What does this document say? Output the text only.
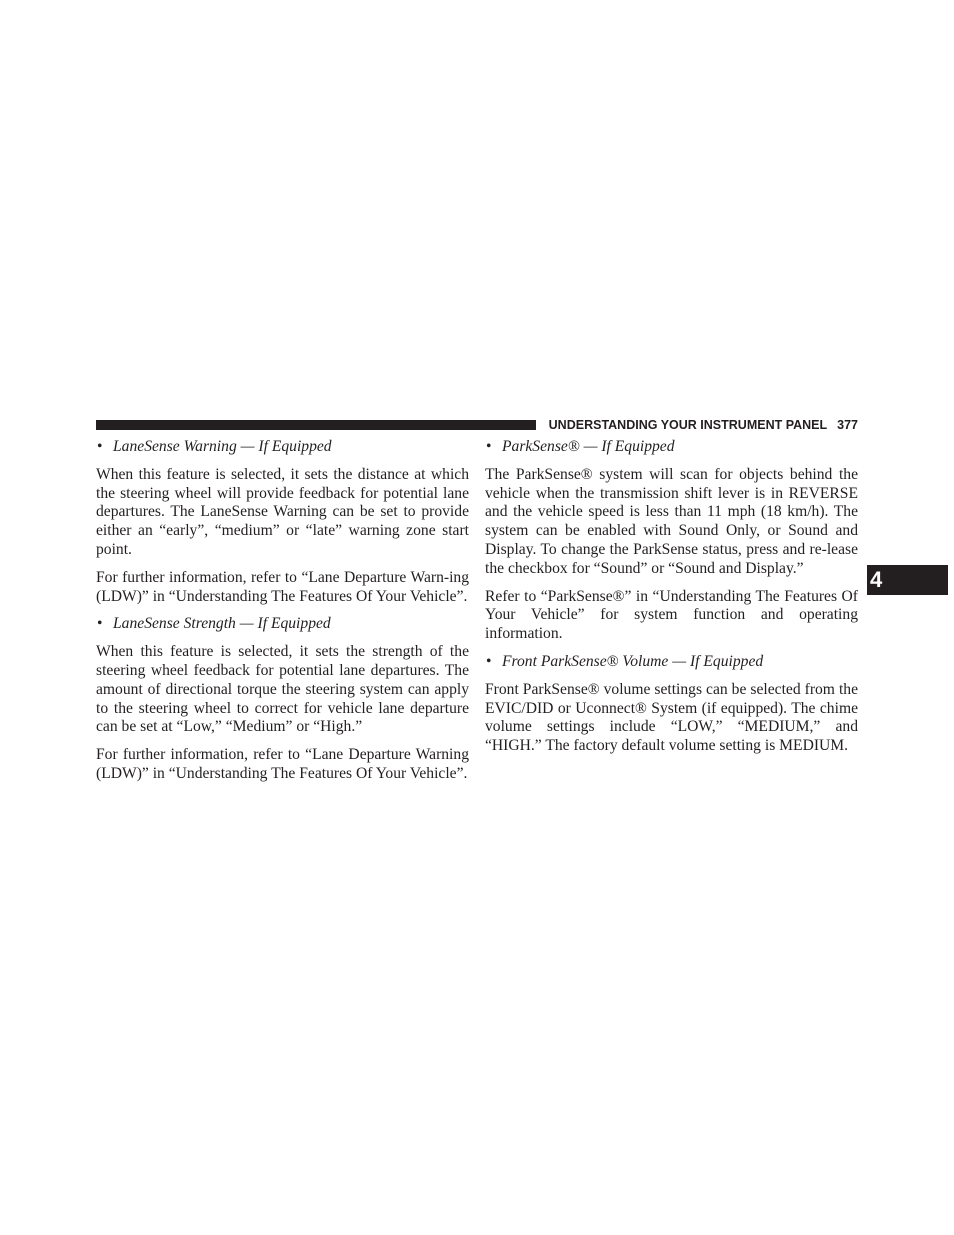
UNDERSTANDING YOUR INSTRUMENT PANEL 377
4
• LaneSense Warning — If Equipped

When this feature is selected, it sets the distance at which the steering wheel will provide feedback for potential lane departures. The LaneSense Warning can be set to provide either an “early”, “medium” or “late” warning zone start point.

For further information, refer to “Lane Departure Warn-ing (LDW)” in “Understanding The Features Of Your Vehicle”.

• LaneSense Strength — If Equipped

When this feature is selected, it sets the strength of the steering wheel feedback for potential lane departures. The amount of directional torque the steering system can apply to the steering wheel to correct for vehicle lane departure can be set at “Low,” “Medium” or “High.”

For further information, refer to “Lane Departure Warning (LDW)” in “Understanding The Features Of Your Vehicle”.

• ParkSense® — If Equipped

The ParkSense® system will scan for objects behind the vehicle when the transmission shift lever is in REVERSE and the vehicle speed is less than 11 mph (18 km/h). The system can be enabled with Sound Only, or Sound and Display. To change the ParkSense status, press and re-lease the checkbox for “Sound” or “Sound and Display.”

Refer to “ParkSense®” in “Understanding The Features Of Your Vehicle” for system function and operating information.

• Front ParkSense® Volume — If Equipped

Front ParkSense® volume settings can be selected from the EVIC/DID or Uconnect® System (if equipped). The chime volume settings include “LOW,” “MEDIUM,” and “HIGH.” The factory default volume setting is MEDIUM.
